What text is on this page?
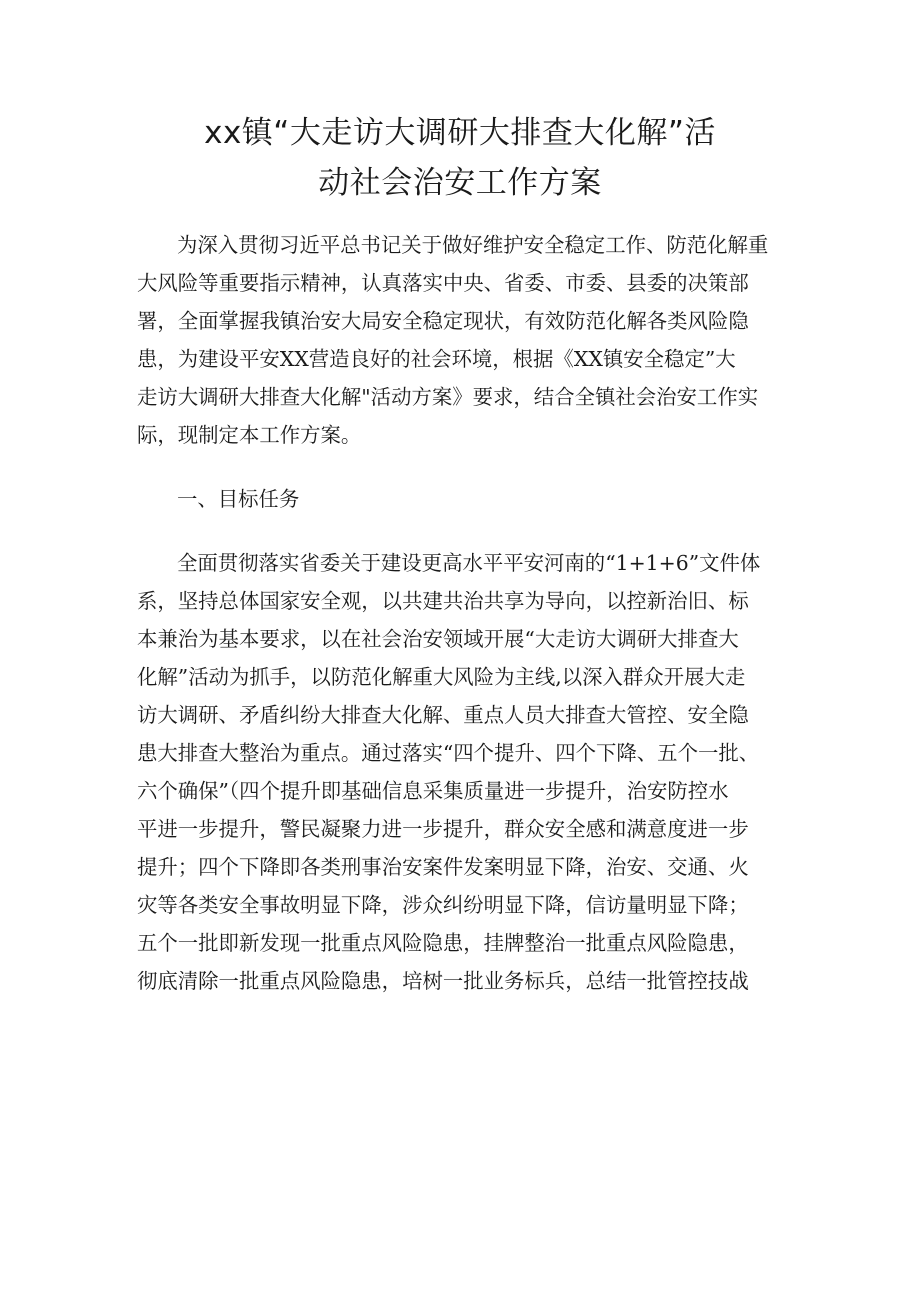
xx镇“大走访大调研大排查大化解”活
动社会治安工作方案

为深入贯彻习近平总书记关于做好维护安全稳定工作、防范化解重
大风险等重要指示精神，认真落实中央、省委、市委、县委的决策部
署，全面掌握我镇治安大局安全稳定现状，有效防范化解各类风险隐
患，为建设平安XX营造良好的社会环境，根据《XX镇安全稳定”大
走访大调研大排查大化解"活动方案》要求，结合全镇社会治安工作实
际，现制定本工作方案。

一、目标任务

全面贯彻落实省委关于建设更高水平平安河南的“1+1+6”文件体
系，坚持总体国家安全观，以共建共治共享为导向，以控新治旧、标
本兼治为基本要求，以在社会治安领域开展“大走访大调研大排查大
化解”活动为抓手，以防范化解重大风险为主线,以深入群众开展大走
访大调研、矛盾纠纷大排查大化解、重点人员大排查大管控、安全隐
患大排查大整治为重点。通过落实“四个提升、四个下降、五个一批、
六个确保”（四个提升即基础信息采集质量进一步提升，治安防控水
平进一步提升，警民凝聚力进一步提升，群众安全感和满意度进一步
提升；四个下降即各类刑事治安案件发案明显下降，治安、交通、火
灾等各类安全事故明显下降，涉众纠纷明显下降，信访量明显下降；
五个一批即新发现一批重点风险隐患，挂牌整治一批重点风险隐患，
彻底清除一批重点风险隐患，培树一批业务标兵，总结一批管控技战
